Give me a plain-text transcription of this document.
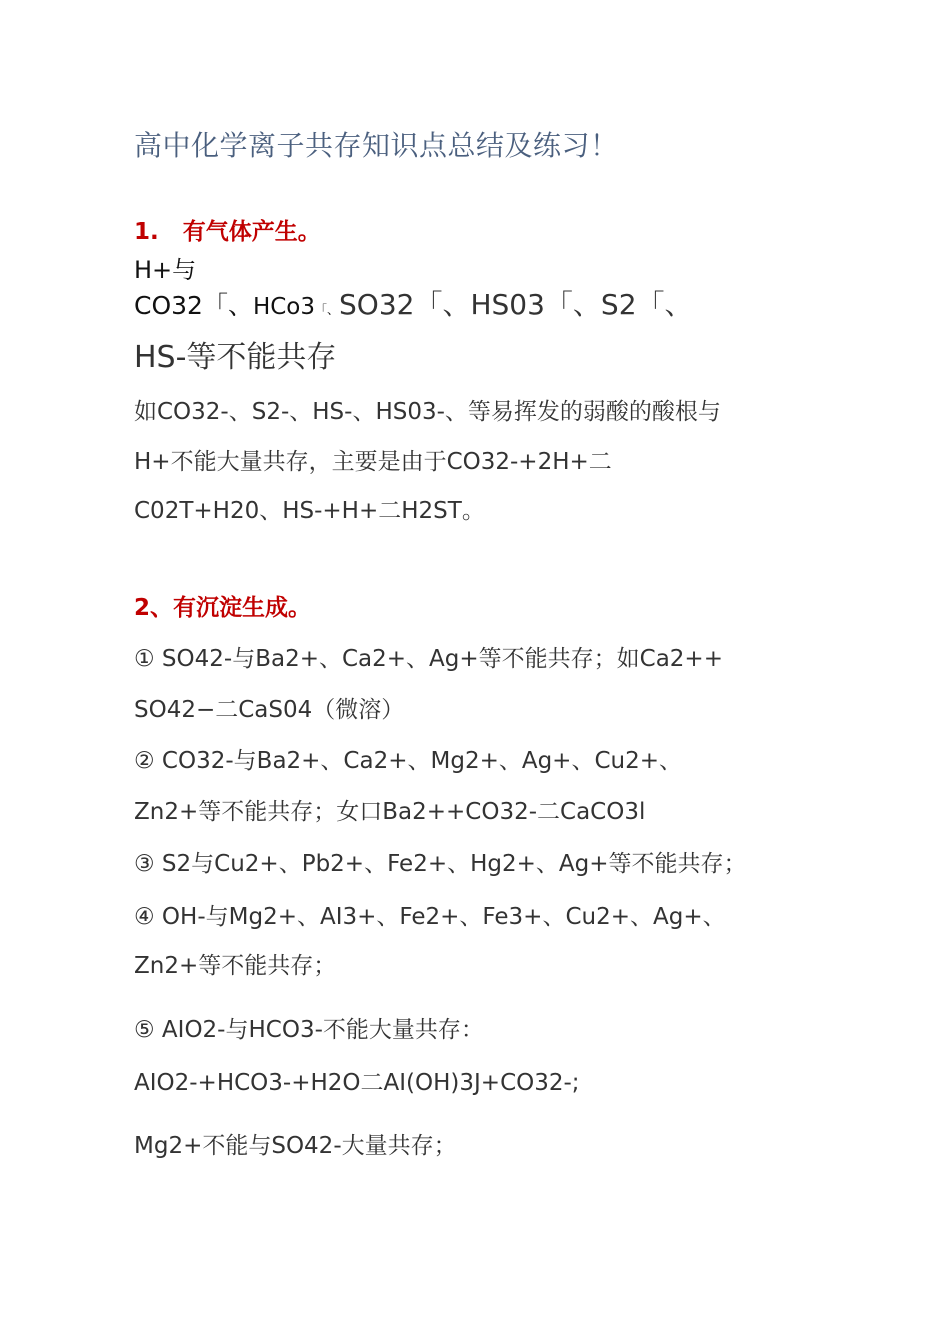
高中化学离子共存知识点总结及练习！
1.   有气体产生。
H+与
CO32「、HCo3「、SO32「、HS03「、S2「、
HS-等不能共存
如CO32-、S2-、HS-、HS03-、等易挥发的弱酸的酸根与
H+不能大量共存，主要是由于CO32-+2H+二
C02T+H20、HS-+H+二H2ST。
2、有沉淀生成。
① SO42-与Ba2+、Ca2+、Ag+等不能共存；如Ca2++
SO42−二CaS04（微溶）
② CO32-与Ba2+、Ca2+、Mg2+、Ag+、Cu2+、
Zn2+等不能共存；女口Ba2++CO32-二CaCO3l
③ S2与Cu2+、Pb2+、Fe2+、Hg2+、Ag+等不能共存；
④ OH-与Mg2+、AI3+、Fe2+、Fe3+、Cu2+、Ag+、
Zn2+等不能共存；
⑤ AIO2-与HCO3-不能大量共存：
AIO2-+HCO3-+H2O二AI(OH)3J+CO32-;
Mg2+不能与SO42-大量共存；
